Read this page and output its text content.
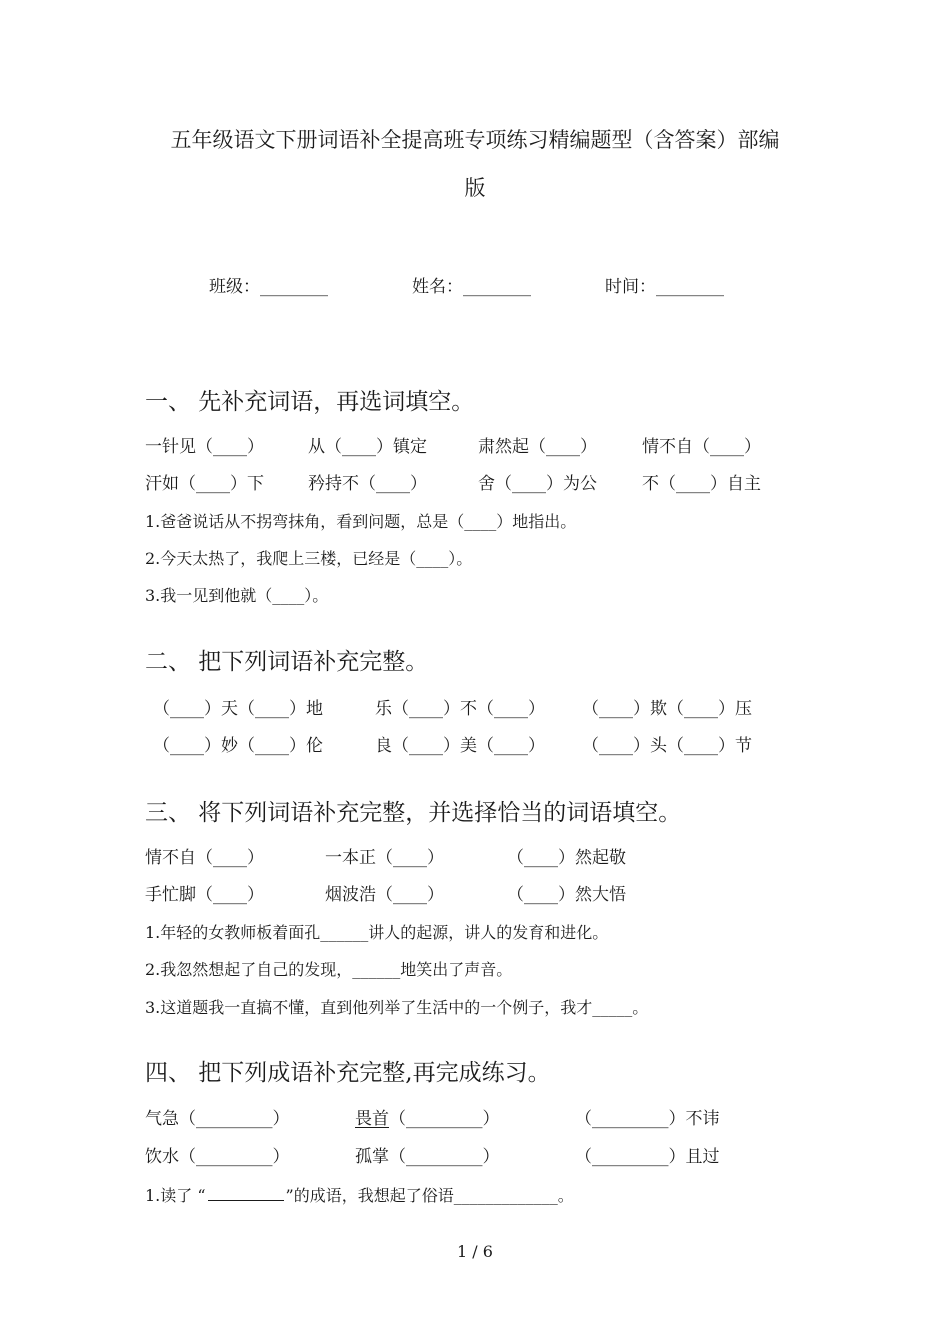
五年级语文下册词语补全提高班专项练习精编题型（含答案）部编
版
班级：________	姓名：________	时间：________
一、 先补充词语，再选词填空。
一针见（____）	从（____）镇定	肃然起（____）	情不自（____）
汗如（____）下	矜持不（____）	舍（____）为公	不（____）自主
1.爸爸说话从不拐弯抹角，看到问题，总是（____）地指出。
2.今天太热了，我爬上三楼，已经是（____）。
3.我一见到他就（____）。
二、 把下列词语补充完整。
（____）天（____）地	乐（____）不（____） （____）欺（____）压
（____）妙（____）伦	良（____）美（____） （____）头（____）节
三、 将下列词语补充完整，并选择恰当的词语填空。
情不自（____）	一本正（____）	（____）然起敬
手忙脚（____）	烟波浩（____）	（____）然大悟
1.年轻的女教师板着面孔______讲人的起源，讲人的发育和进化。
2.我忽然想起了自己的发现，______地笑出了声音。
3.这道题我一直搞不懂，直到他列举了生活中的一个例子，我才_____。
四、 把下列成语补充完整,再完成练习。
气急（_________）	畏首（_________）	（_________）不讳
饮水（_________）	孤掌（_________）	（_________）且过
1.读了 “	”的成语，我想起了俗语_____________。
1 / 6
